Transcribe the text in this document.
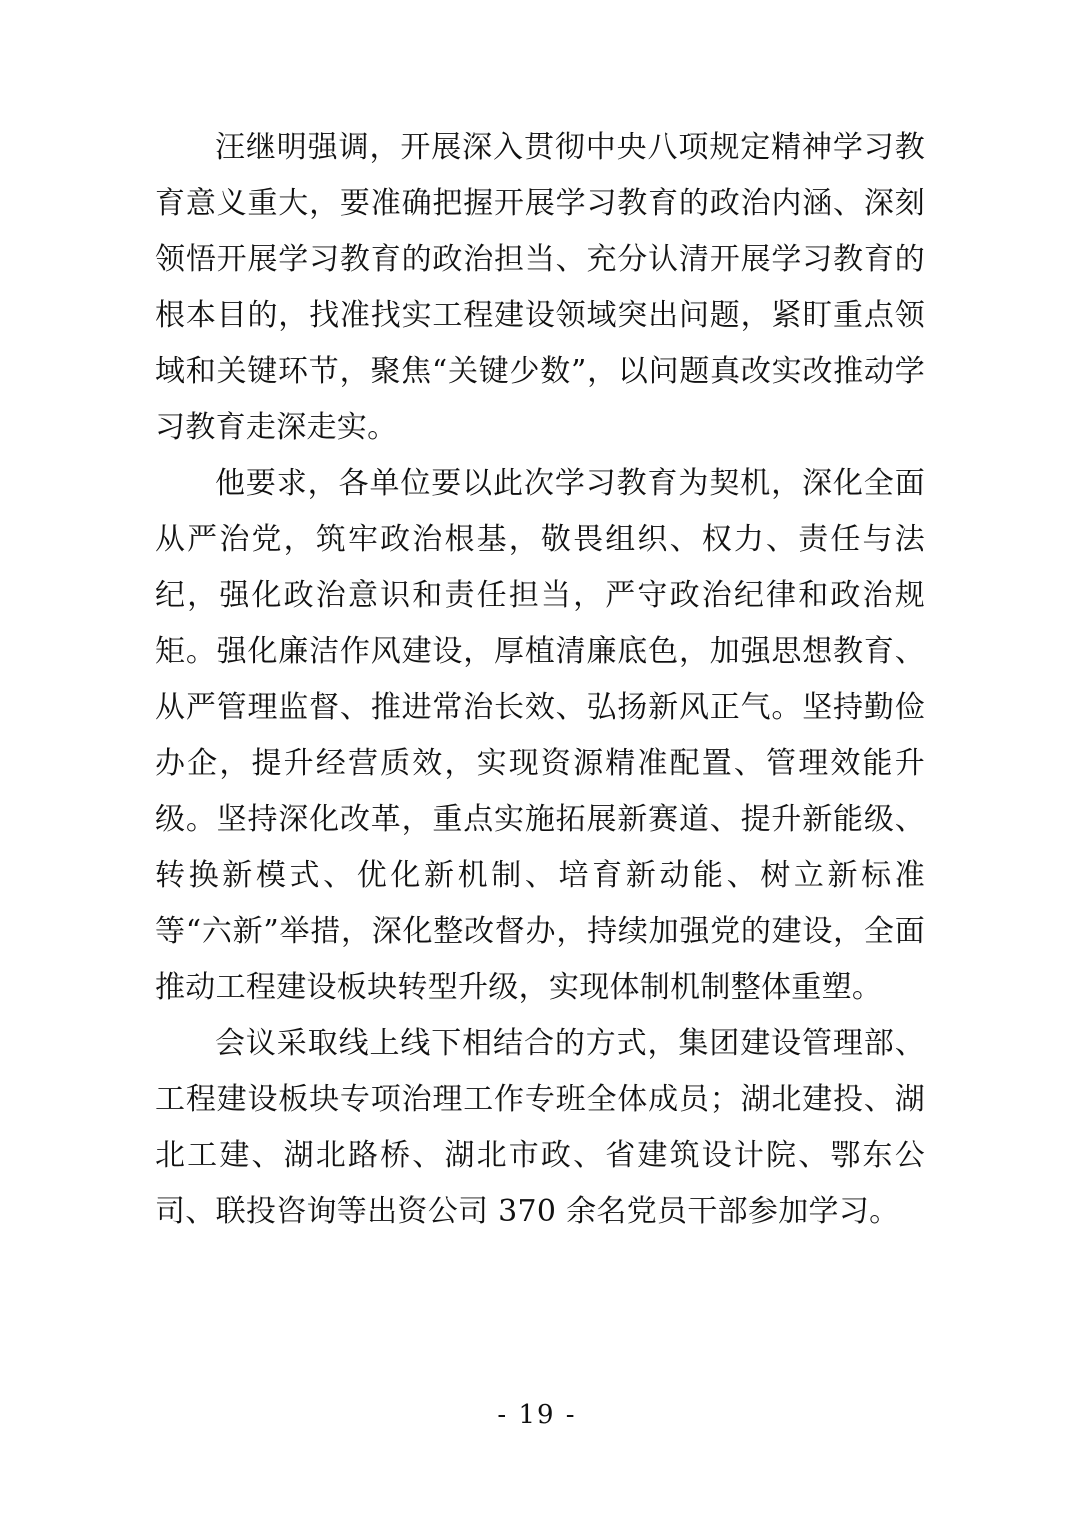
汪继明强调，开展深入贯彻中央八项规定精神学习教育意义重大，要准确把握开展学习教育的政治内涵、深刻领悟开展学习教育的政治担当、充分认清开展学习教育的根本目的，找准找实工程建设领域突出问题，紧盯重点领域和关键环节，聚焦“关键少数”，以问题真改实改推动学习教育走深走实。

他要求，各单位要以此次学习教育为契机，深化全面从严治党，筑牢政治根基，敬畏组织、权力、责任与法纪，强化政治意识和责任担当，严守政治纪律和政治规矩。强化廉洁作风建设，厚植清廉底色，加强思想教育、从严管理监督、推进常治长效、弘扬新风正气。坚持勤俭办企，提升经营质效，实现资源精准配置、管理效能升级。坚持深化改革，重点实施拓展新赛道、提升新能级、转换新模式、优化新机制、培育新动能、树立新标准等“六新”举措，深化整改督办，持续加强党的建设，全面推动工程建设板块转型升级，实现体制机制整体重塑。

会议采取线上线下相结合的方式，集团建设管理部、工程建设板块专项治理工作专班全体成员；湖北建投、湖北工建、湖北路桥、湖北市政、省建筑设计院、鄂东公司、联投咨询等出资公司 370 余名党员干部参加学习。

- 19 -
